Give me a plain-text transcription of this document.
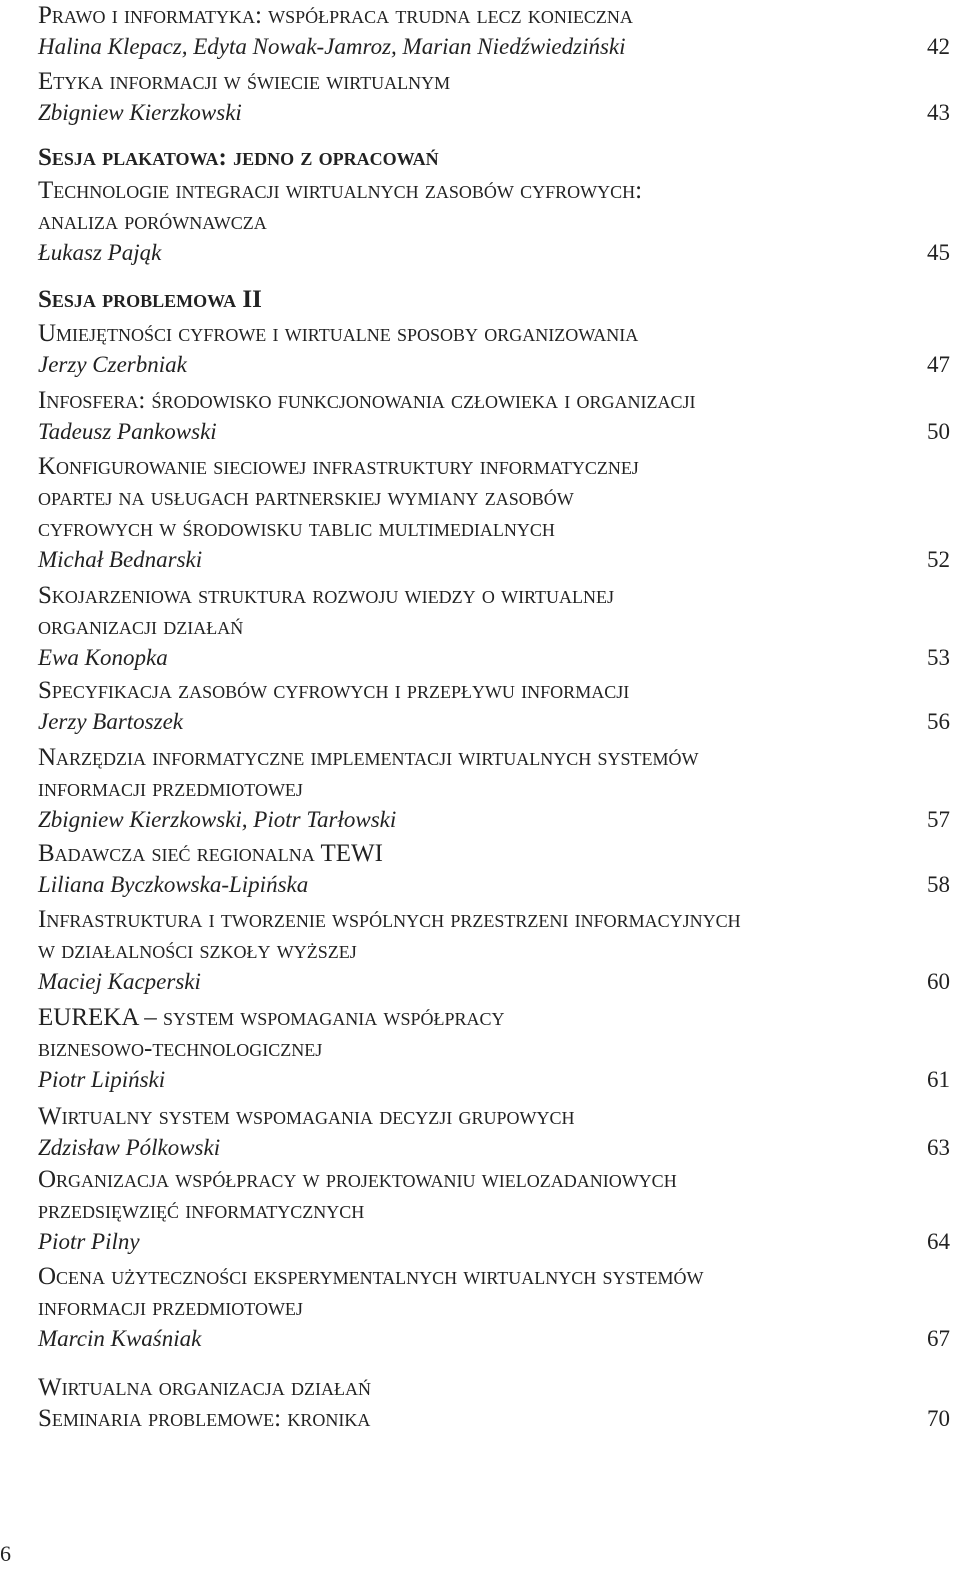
Prawo i informatyka: współpraca trudna lecz konieczna
Halina Klepacz, Edyta Nowak-Jamroz, Marian Niedźwiedziński	42
Etyka informacji w świecie wirtualnym
Zbigniew Kierzkowski	43
Sesja plakatowa: jedno z opracowań
Technologie integracji wirtualnych zasobów cyfrowych:
analiza porównawcza
Łukasz Pająk	45
Sesja problemowa II
Umiejętności cyfrowe i wirtualne sposoby organizowania
Jerzy Czerbniak	47
Infosfera: środowisko funkcjonowania człowieka i organizacji
Tadeusz Pankowski	50
Konfigurowanie sieciowej infrastruktury informatycznej
opartej na usługach partnerskiej wymiany zasobów
cyfrowych w środowisku tablic multimedialnych
Michał Bednarski	52
Skojarzeniowa struktura rozwoju wiedzy o wirtualnej
organizacji działań
Ewa Konopka	53
Specyfikacja zasobów cyfrowych i przepływu informacji
Jerzy Bartoszek	56
Narzędzia informatyczne implementacji wirtualnych systemów
informacji przedmiotowej
Zbigniew Kierzkowski, Piotr Tarłowski	57
Badawcza sieć regionalna TEWI
Liliana Byczkowska-Lipińska	58
Infrastruktura i tworzenie wspólnych przestrzeni informacyjnych
w działalności szkoły wyższej
Maciej Kacperski	60
EUREKA – system wspomagania współpracy
biznesowo-technologicznej
Piotr Lipiński	61
Wirtualny system wspomagania decyzji grupowych
Zdzisław Pólkowski	63
Organizacja współpracy w projektowaniu wielozadaniowych
przedsięwzięć informatycznych
Piotr Pilny	64
Ocena użyteczności eksperymentalnych wirtualnych systemów
informacji przedmiotowej
Marcin Kwaśniak	67
Wirtualna organizacja działań
Seminaria problemowe: kronika	70
6
